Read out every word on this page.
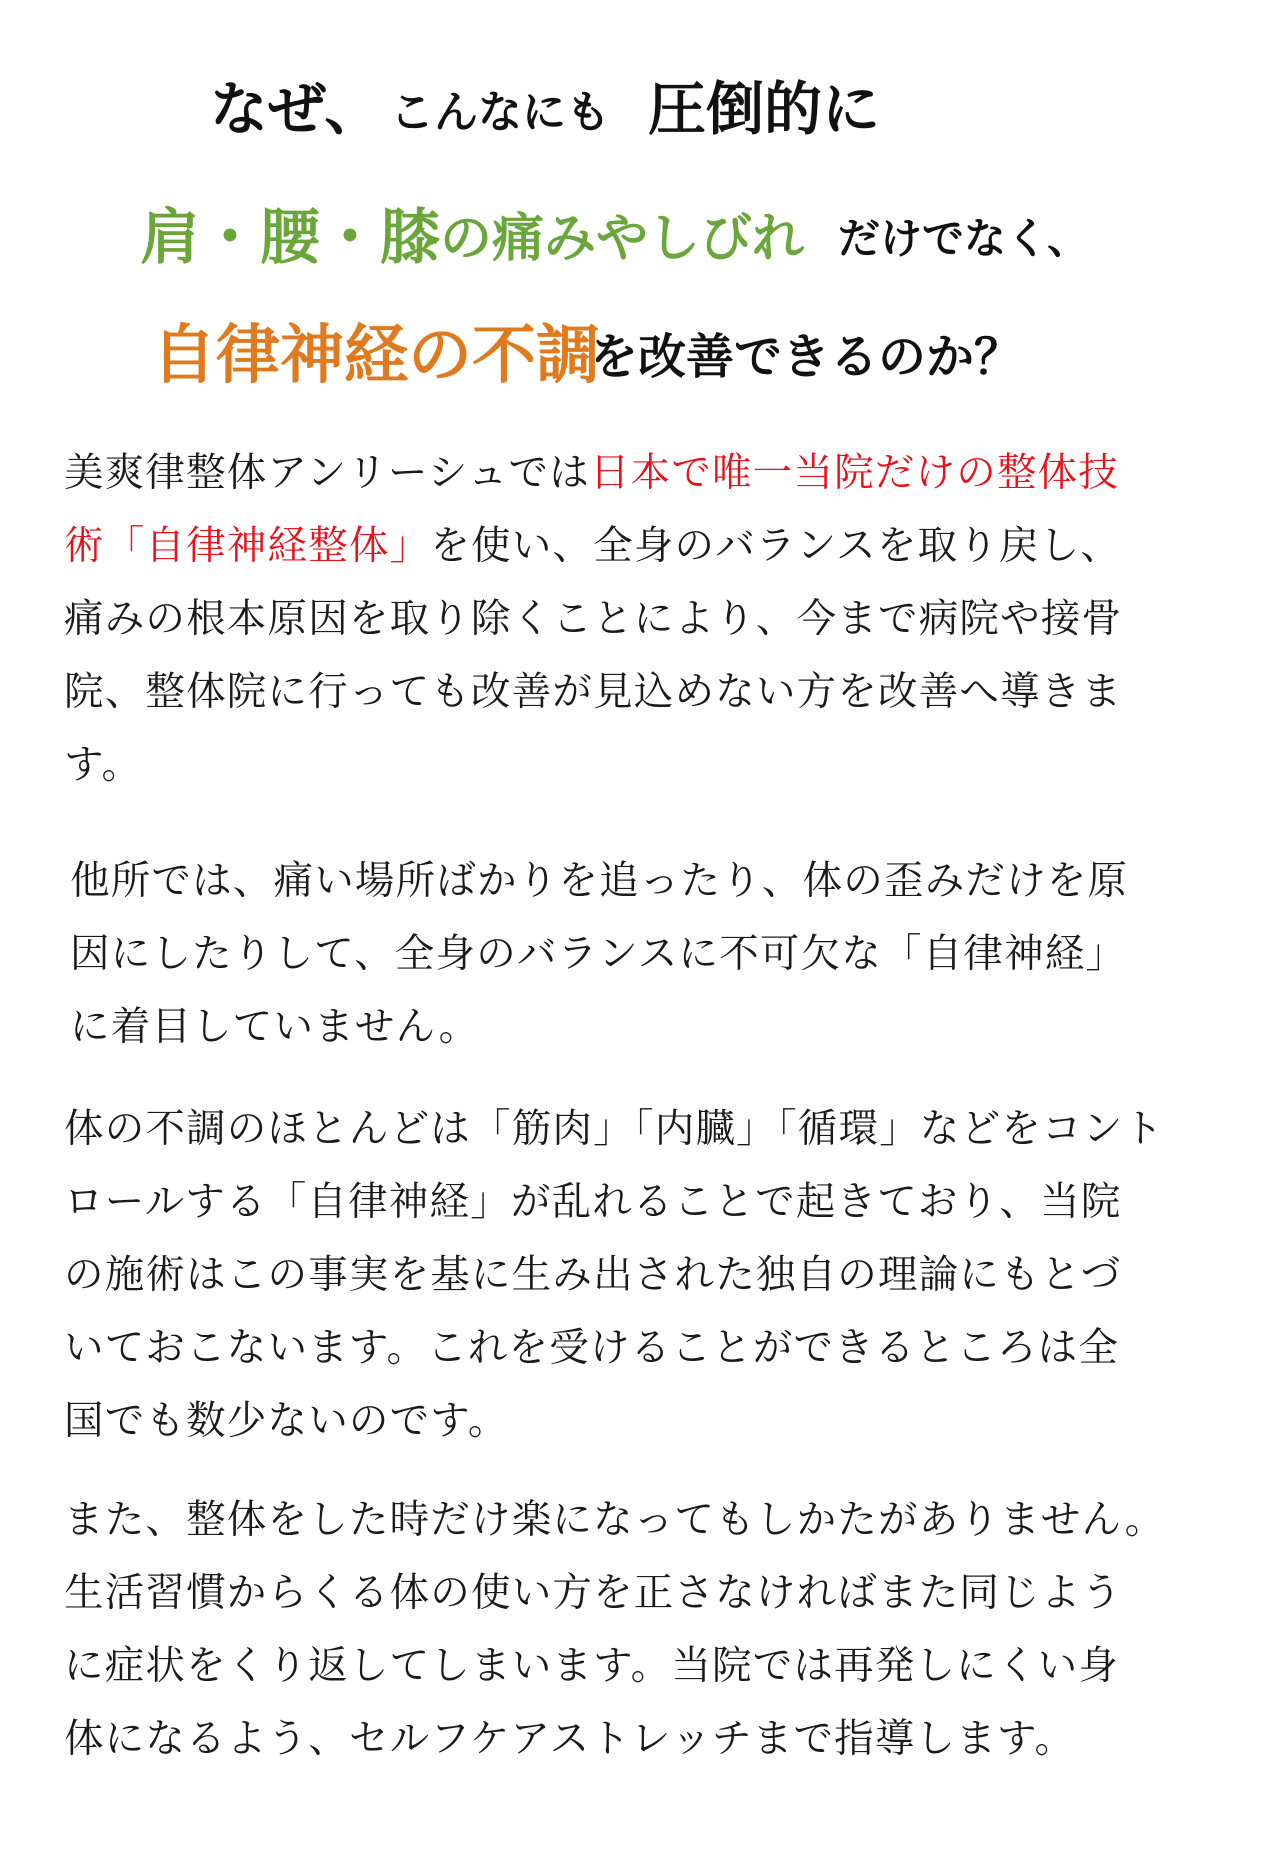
なぜ、 こんなにも 圧倒的に
肩・腰・膝 の痛みやしびれ だけでなく、
自律神経の不調
を改善できるのか？
美爽律整体アンリーシュでは日本で唯一当院だけの整体技
術「自律神経整体」を使い、全身のバランスを取り戻し、
痛みの根本原因を取り除くことにより、今まで病院や接骨
院、整体院に行っても改善が見込めない方を改善へ導きま
す。
他所では、痛い場所ばかりを追ったり、体の歪みだけを原
因にしたりして、全身のバランスに不可欠な「自律神経」
に着目していません。
体の不調のほとんどは「筋肉」「内臓」「循環」などをコント
ロールする「自律神経」が乱れることで起きており、当院
の施術はこの事実を基に生み出された独自の理論にもとづ
いておこないます。これを受けることができるところは全
国でも数少ないのです。
また、整体をした時だけ楽になってもしかたがありません。
生活習慣からくる体の使い方を正さなければまた同じよう
に症状をくり返してしまいます。当院では再発しにくい身
体になるよう、セルフケアストレッチまで指導します。
